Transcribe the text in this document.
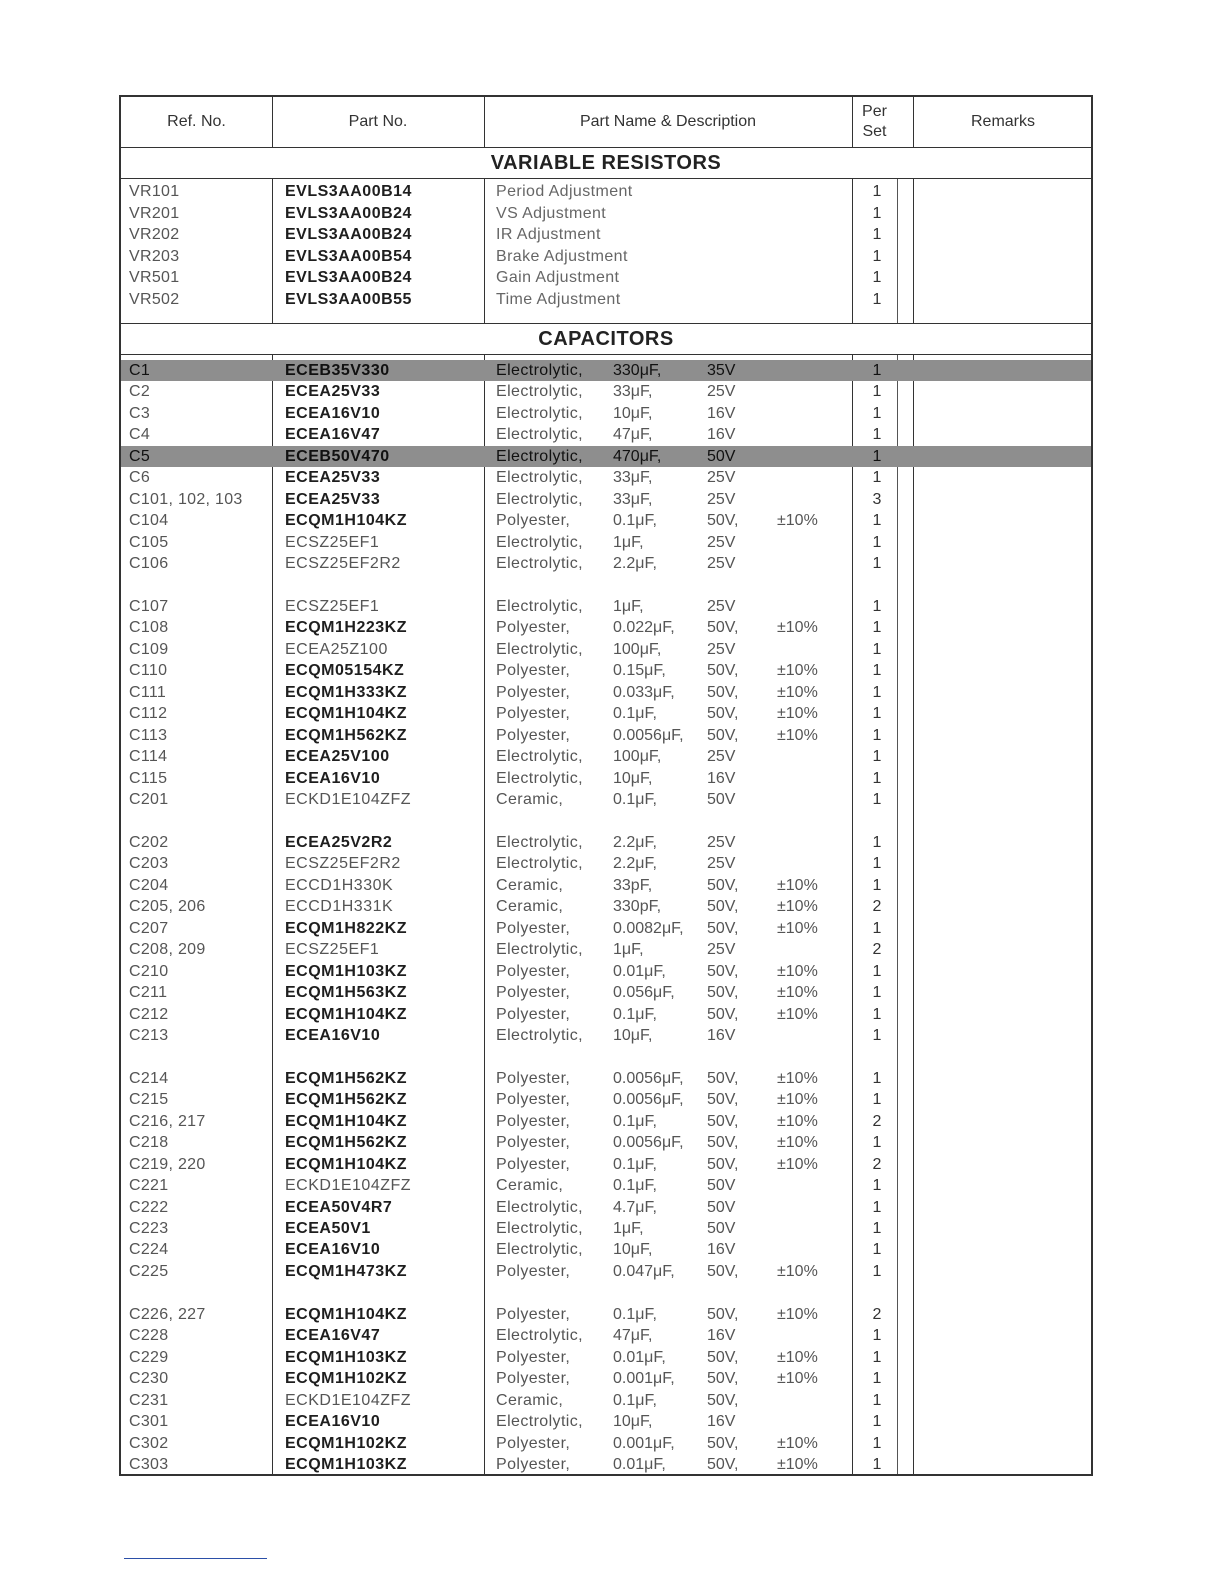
Ref. No.	Part No.	Part Name & Description
Per
Set
Remarks
VARIABLE RESISTORS
VR101	EVLS3AA00B14	Period Adjustment	1
VR201	EVLS3AA00B24	VS Adjustment	1
VR202	EVLS3AA00B24	IR Adjustment	1
VR203	EVLS3AA00B54	Brake Adjustment	1
VR501	EVLS3AA00B24	Gain Adjustment	1
VR502	EVLS3AA00B55	Time Adjustment	1
CAPACITORS
C1	ECEB35V330	Electrolytic, 330μF,	35V	1
C2	ECEA25V33	Electrolytic, 33μF,	25V	1
C3	ECEA16V10	Electrolytic, 10μF,	16V	1
C4	ECEA16V47	Electrolytic, 47μF,	16V	1
C5	ECEB50V470	Electrolytic, 470μF,	50V	1
C6	ECEA25V33	Electrolytic, 33μF,	25V	1
C101, 102, 103	ECEA25V33	Electrolytic, 33μF,	25V	3
C104	ECQM1H104KZ	Polyester,	0.1μF,	50V, ±10%	1
C105	ECSZ25EF1	Electrolytic, 1μF,	25V	1
C106	ECSZ25EF2R2	Electrolytic, 2.2μF,	25V	1
C107	ECSZ25EF1	Electrolytic, 1μF,	25V	1
C108	ECQM1H223KZ	Polyester,	0.022μF, 50V, ±10%	1
C109	ECEA25Z100	Electrolytic, 100μF,	25V	1
C110	ECQM05154KZ	Polyester,	0.15μF,	50V, ±10%	1
C111	ECQM1H333KZ	Polyester,	0.033μF, 50V, ±10%	1
C112	ECQM1H104KZ	Polyester,	0.1μF,	50V, ±10%	1
C113	ECQM1H562KZ	Polyester,	0.0056μF, 50V, ±10%	1
C114	ECEA25V100	Electrolytic, 100μF,	25V	1
C115	ECEA16V10	Electrolytic, 10μF,	16V	1
C201	ECKD1E104ZFZ	Ceramic,	0.1μF,	50V	1
C202	ECEA25V2R2	Electrolytic, 2.2μF,	25V	1
C203	ECSZ25EF2R2	Electrolytic, 2.2μF,	25V	1
C204	ECCD1H330K	Ceramic,	33pF,	50V, ±10%	1
C205, 206	ECCD1H331K	Ceramic,	330pF,	50V, ±10%	2
C207	ECQM1H822KZ	Polyester,	0.0082μF, 50V, ±10%	1
C208, 209	ECSZ25EF1	Electrolytic, 1μF,	25V	2
C210	ECQM1H103KZ	Polyester,	0.01μF,	50V, ±10%	1
C211	ECQM1H563KZ	Polyester,	0.056μF, 50V, ±10%	1
C212	ECQM1H104KZ	Polyester,	0.1μF,	50V, ±10%	1
C213	ECEA16V10	Electrolytic, 10μF,	16V	1
C214	ECQM1H562KZ	Polyester,	0.0056μF, 50V, ±10%	1
C215	ECQM1H562KZ	Polyester,	0.0056μF, 50V, ±10%	1
C216, 217	ECQM1H104KZ	Polyester,	0.1μF,	50V, ±10%	2
C218	ECQM1H562KZ	Polyester,	0.0056μF, 50V, ±10%	1
C219, 220	ECQM1H104KZ	Polyester,	0.1μF,	50V, ±10%	2
C221	ECKD1E104ZFZ	Ceramic,	0.1μF,	50V	1
C222	ECEA50V4R7	Electrolytic, 4.7μF,	50V	1
C223	ECEA50V1	Electrolytic, 1μF,	50V	1
C224	ECEA16V10	Electrolytic, 10μF,	16V	1
C225	ECQM1H473KZ	Polyester,	0.047μF, 50V, ±10%	1
C226, 227	ECQM1H104KZ	Polyester,	0.1μF,	50V, ±10%	2
C228	ECEA16V47	Electrolytic, 47μF,	16V	1
C229	ECQM1H103KZ	Polyester,	0.01μF,	50V, ±10%	1
C230	ECQM1H102KZ	Polyester,	0.001μF, 50V, ±10%	1
C231	ECKD1E104ZFZ	Ceramic,	0.1μF,	50V,	1
C301	ECEA16V10	Electrolytic, 10μF,	16V	1
C302	ECQM1H102KZ	Polyester,	0.001μF, 50V, ±10%	1
C303	ECQM1H103KZ	Polyester,	0.01μF,	50V, ±10%	1
